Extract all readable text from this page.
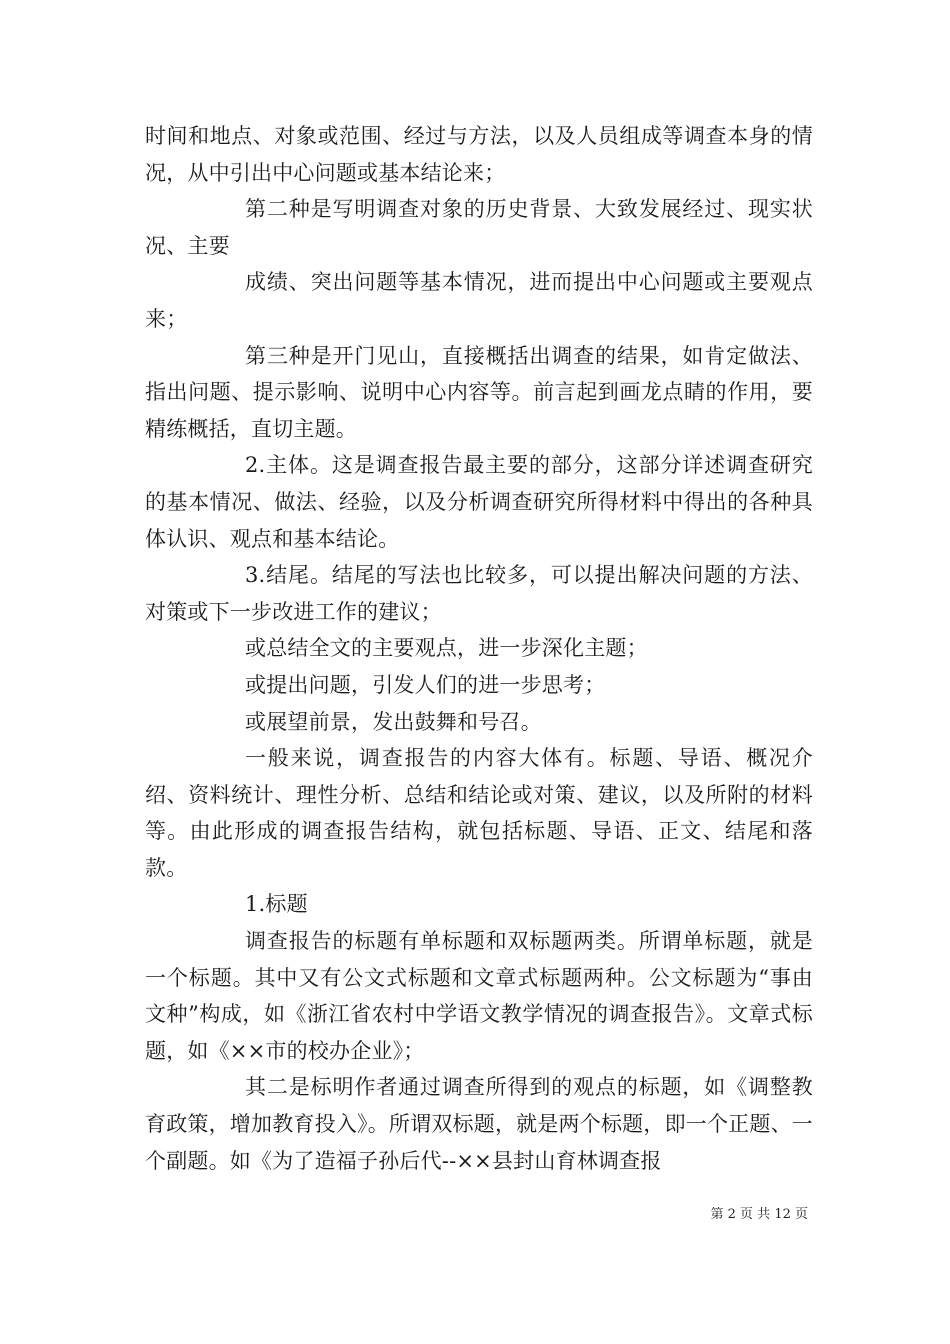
时间和地点、对象或范围、经过与方法，以及人员组成等调查本身的情况，从中引出中心问题或基本结论来；

第二种是写明调查对象的历史背景、大致发展经过、现实状况、主要

成绩、突出问题等基本情况，进而提出中心问题或主要观点来；

第三种是开门见山，直接概括出调查的结果，如肯定做法、指出问题、提示影响、说明中心内容等。前言起到画龙点睛的作用，要精练概括，直切主题。

2.主体。这是调查报告最主要的部分，这部分详述调查研究的基本情况、做法、经验，以及分析调查研究所得材料中得出的各种具体认识、观点和基本结论。

3.结尾。结尾的写法也比较多，可以提出解决问题的方法、对策或下一步改进工作的建议；

或总结全文的主要观点，进一步深化主题；

或提出问题，引发人们的进一步思考；

或展望前景，发出鼓舞和号召。

一般来说，调查报告的内容大体有。标题、导语、概况介绍、资料统计、理性分析、总结和结论或对策、建议，以及所附的材料等。由此形成的调查报告结构，就包括标题、导语、正文、结尾和落款。

1.标题

调查报告的标题有单标题和双标题两类。所谓单标题，就是一个标题。其中又有公文式标题和文章式标题两种。公文标题为“事由文种”构成，如《浙江省农村中学语文教学情况的调查报告》。文章式标题，如《××市的校办企业》；

其二是标明作者通过调查所得到的观点的标题，如《调整教育政策，增加教育投入》。所谓双标题，就是两个标题，即一个正题、一个副题。如《为了造福子孙后代--××县封山育林调查报

第 2 页 共 12 页
